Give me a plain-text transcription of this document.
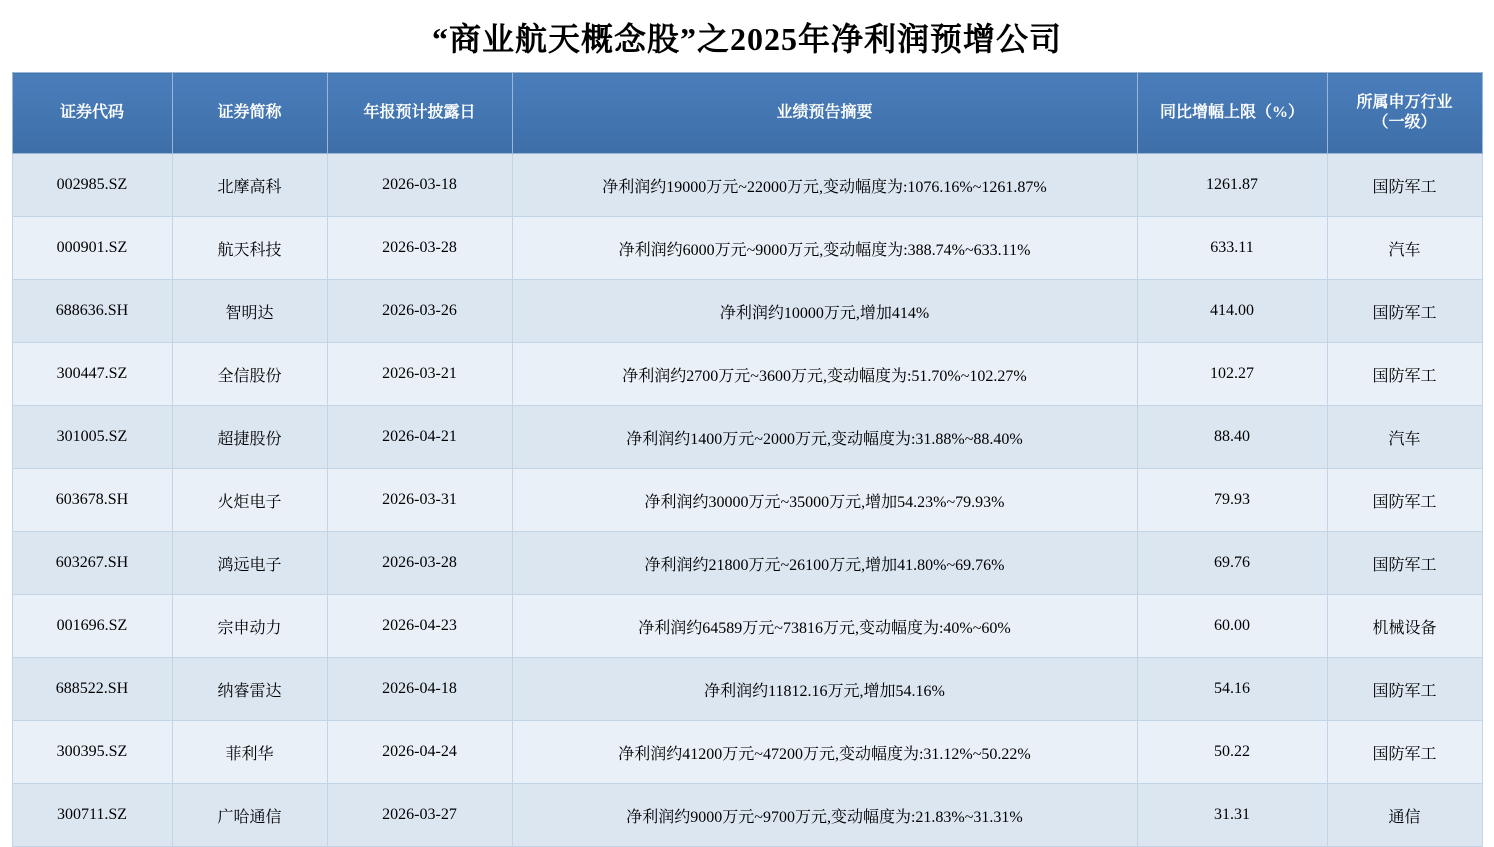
“商业航天概念股”之2025年净利润预增公司
证券代码	证券简称	年报预计披露日	业绩预告摘要	同比增幅上限（%）	所属申万行业
（一级）

002985.SZ	北摩高科	2026-03-18	净利润约19000万元~22000万元,变动幅度为:1076.16%~1261.87%	1261.87	国防军工
000901.SZ	航天科技	2026-03-28	净利润约6000万元~9000万元,变动幅度为:388.74%~633.11%	633.11	汽车
688636.SH	智明达	2026-03-26	净利润约10000万元,增加414%	414.00	国防军工
300447.SZ	全信股份	2026-03-21	净利润约2700万元~3600万元,变动幅度为:51.70%~102.27%	102.27	国防军工
301005.SZ	超捷股份	2026-04-21	净利润约1400万元~2000万元,变动幅度为:31.88%~88.40%	88.40	汽车
603678.SH	火炬电子	2026-03-31	净利润约30000万元~35000万元,增加54.23%~79.93%	79.93	国防军工
603267.SH	鸿远电子	2026-03-28	净利润约21800万元~26100万元,增加41.80%~69.76%	69.76	国防军工
001696.SZ	宗申动力	2026-04-23	净利润约64589万元~73816万元,变动幅度为:40%~60%	60.00	机械设备
688522.SH	纳睿雷达	2026-04-18	净利润约11812.16万元,增加54.16%	54.16	国防军工
300395.SZ	菲利华	2026-04-24	净利润约41200万元~47200万元,变动幅度为:31.12%~50.22%	50.22	国防军工
300711.SZ	广哈通信	2026-03-27	净利润约9000万元~9700万元,变动幅度为:21.83%~31.31%	31.31	通信
